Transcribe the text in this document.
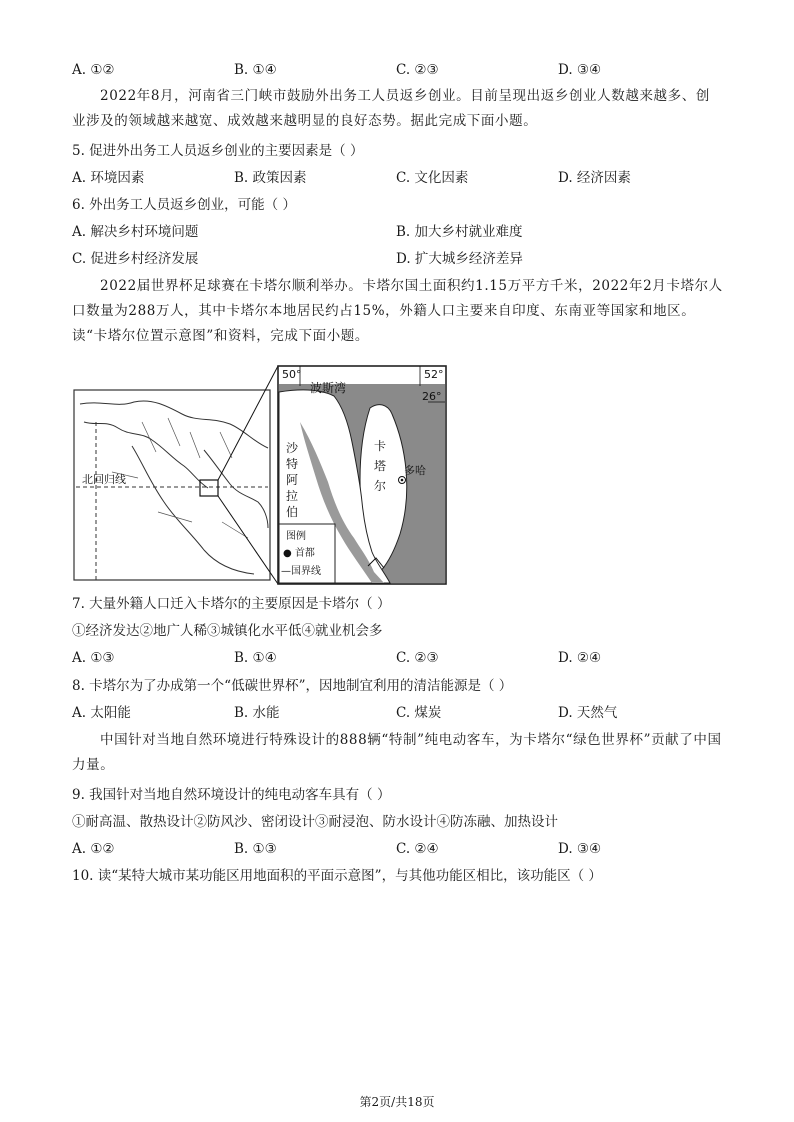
A. ①②	B. ①④	C. ②③	D. ③④
2022年8月，河南省三门峡市鼓励外出务工人员返乡创业。目前呈现出返乡创业人数越来越多、创业涉及的领域越来越宽、成效越来越明显的良好态势。据此完成下面小题。
5. 促进外出务工人员返乡创业的主要因素是（ ）
A. 环境因素	B. 政策因素	C. 文化因素	D. 经济因素
6. 外出务工人员返乡创业，可能（ ）
A. 解决乡村环境问题	B. 加大乡村就业难度
C. 促进乡村经济发展	D. 扩大城乡经济差异
2022届世界杯足球赛在卡塔尔顺利举办。卡塔尔国土面积约1.15万平方千米，2022年2月卡塔尔人口数量为288万人，其中卡塔尔本地居民约占15%，外籍人口主要来自印度、东南亚等国家和地区。读“卡塔尔位置示意图”和资料，完成下面小题。
北回归线
50°	52°
26°
波斯湾
卡
塔
尔
沙
特
阿
拉
伯
多哈
图例
● 首都
—国界线
7. 大量外籍人口迁入卡塔尔的主要原因是卡塔尔（ ）
①经济发达②地广人稀③城镇化水平低④就业机会多
A. ①③	B. ①④	C. ②③	D. ②④
8. 卡塔尔为了办成第一个“低碳世界杯”，因地制宜利用的清洁能源是（ ）
A. 太阳能	B. 水能	C. 煤炭	D. 天然气
中国针对当地自然环境进行特殊设计的888辆“特制”纯电动客车，为卡塔尔“绿色世界杯”贡献了中国力量。
9. 我国针对当地自然环境设计的纯电动客车具有（ ）
①耐高温、散热设计②防风沙、密闭设计③耐浸泡、防水设计④防冻融、加热设计
A. ①②	B. ①③	C. ②④	D. ③④
10. 读“某特大城市某功能区用地面积的平面示意图”，与其他功能区相比，该功能区（ ）
第2页/共18页
